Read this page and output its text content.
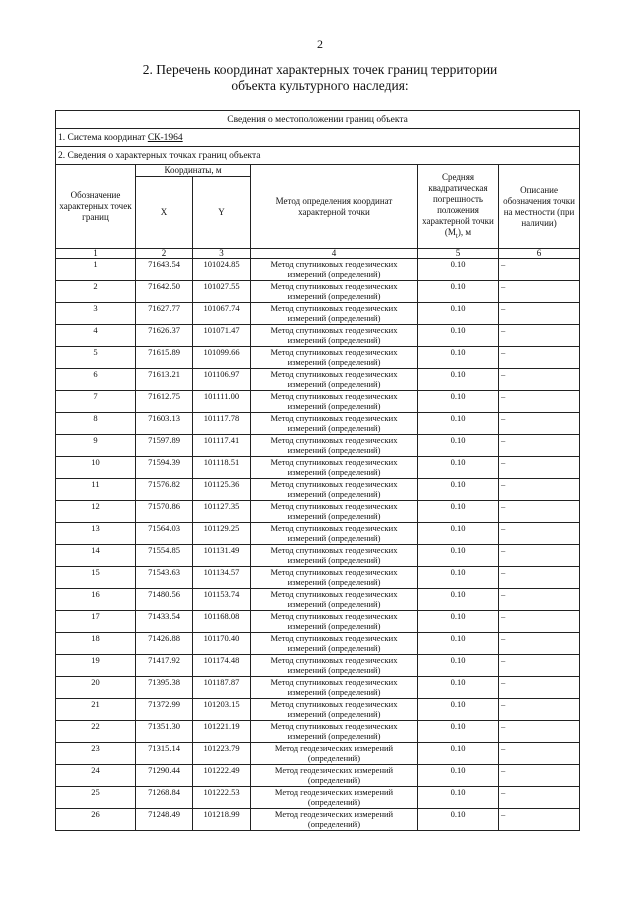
2
2. Перечень координат характерных точек границ территории
объекта культурного наследия:
Сведения о местоположении границ объекта					
1. Система координат СК-1964					
2. Сведения о характерных точках границ объекта					
Обозначение характерных точек границ	Координаты, м		Метод определения координат характерной точки	Средняя квадратическая погрешность положения характерной точки $(M_t)$, м	Описание обозначения точки на местности (при наличии)
	X	Y			
1	2	3	4	5	6
1	71643.54	101024.85	Метод спутниковых геодезических
измерений (определений)	0.10	–
2	71642.50	101027.55	Метод спутниковых геодезических
измерений (определений)	0.10	–
3	71627.77	101067.74	Метод спутниковых геодезических
измерений (определений)	0.10	–
4	71626.37	101071.47	Метод спутниковых геодезических
измерений (определений)	0.10	–
5	71615.89	101099.66	Метод спутниковых геодезических
измерений (определений)	0.10	–
6	71613.21	101106.97	Метод спутниковых геодезических
измерений (определений)	0.10	–
7	71612.75	101111.00	Метод спутниковых геодезических
измерений (определений)	0.10	–
8	71603.13	101117.78	Метод спутниковых геодезических
измерений (определений)	0.10	–
9	71597.89	101117.41	Метод спутниковых геодезических
измерений (определений)	0.10	–
10	71594.39	101118.51	Метод спутниковых геодезических
измерений (определений)	0.10	–
11	71576.82	101125.36	Метод спутниковых геодезических
измерений (определений)	0.10	–
12	71570.86	101127.35	Метод спутниковых геодезических
измерений (определений)	0.10	–
13	71564.03	101129.25	Метод спутниковых геодезических
измерений (определений)	0.10	–
14	71554.85	101131.49	Метод спутниковых геодезических
измерений (определений)	0.10	–
15	71543.63	101134.57	Метод спутниковых геодезических
измерений (определений)	0.10	–
16	71480.56	101153.74	Метод спутниковых геодезических
измерений (определений)	0.10	–
17	71433.54	101168.08	Метод спутниковых геодезических
измерений (определений)	0.10	–
18	71426.88	101170.40	Метод спутниковых геодезических
измерений (определений)	0.10	–
19	71417.92	101174.48	Метод спутниковых геодезических
измерений (определений)	0.10	–
20	71395.38	101187.87	Метод спутниковых геодезических
измерений (определений)	0.10	–
21	71372.99	101203.15	Метод спутниковых геодезических
измерений (определений)	0.10	–
22	71351.30	101221.19	Метод спутниковых геодезических
измерений (определений)	0.10	–
23	71315.14	101223.79	Метод геодезических измерений
(определений)	0.10	–
24	71290.44	101222.49	Метод геодезических измерений
(определений)	0.10	–
25	71268.84	101222.53	Метод геодезических измерений
(определений)	0.10	–
26	71248.49	101218.99	Метод геодезических измерений
(определений)	0.10	–
